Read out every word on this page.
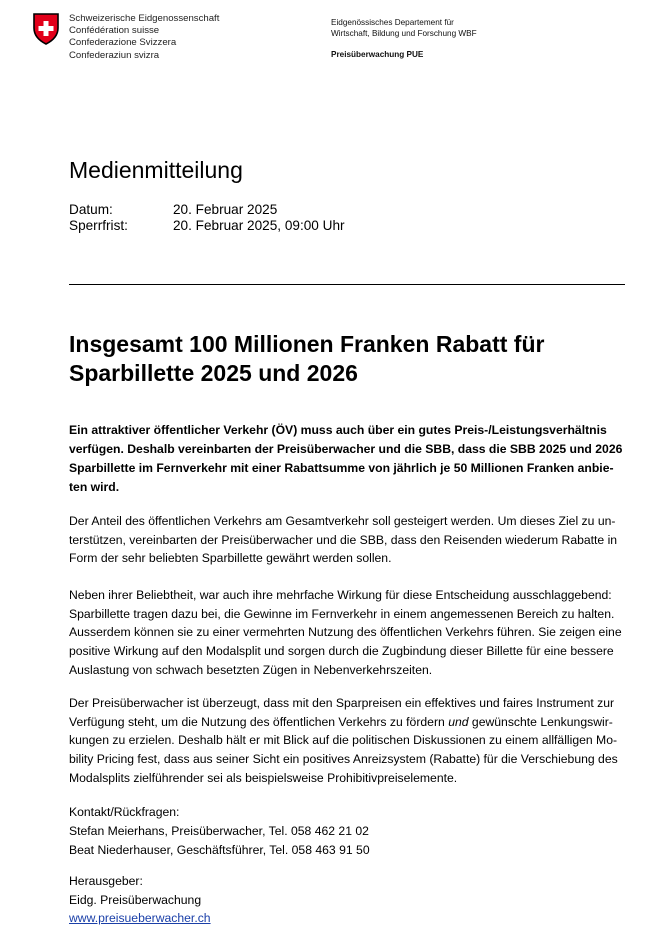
Schweizerische Eidgenossenschaft
Confédération suisse
Confederazione Svizzera
Confederaziun svizra
Eidgenössisches Departement für
Wirtschaft, Bildung und Forschung WBF
Preisüberwachung PUE
Medienmitteilung
Datum:	20. Februar 2025
Sperrfrist:	20. Februar 2025, 09:00 Uhr
Insgesamt 100 Millionen Franken Rabatt für
Sparbillette 2025 und 2026
Ein attraktiver öffentlicher Verkehr (ÖV) muss auch über ein gutes Preis-/Leistungsverhältnis
verfügen. Deshalb vereinbarten der Preisüberwacher und die SBB, dass die SBB 2025 und 2026
Sparbillette im Fernverkehr mit einer Rabattsumme von jährlich je 50 Millionen Franken anbie-
ten wird.
Der Anteil des öffentlichen Verkehrs am Gesamtverkehr soll gesteigert werden. Um dieses Ziel zu un-
terstützen, vereinbarten der Preisüberwacher und die SBB, dass den Reisenden wiederum Rabatte in
Form der sehr beliebten Sparbillette gewährt werden sollen.
Neben ihrer Beliebtheit, war auch ihre mehrfache Wirkung für diese Entscheidung ausschlaggebend:
Sparbillette tragen dazu bei, die Gewinne im Fernverkehr in einem angemessenen Bereich zu halten.
Ausserdem können sie zu einer vermehrten Nutzung des öffentlichen Verkehrs führen. Sie zeigen eine
positive Wirkung auf den Modalsplit und sorgen durch die Zugbindung dieser Billette für eine bessere
Auslastung von schwach besetzten Zügen in Nebenverkehrszeiten.
Der Preisüberwacher ist überzeugt, dass mit den Sparpreisen ein effektives und faires Instrument zur
Verfügung steht, um die Nutzung des öffentlichen Verkehrs zu fördern und gewünschte Lenkungswir-
kungen zu erzielen. Deshalb hält er mit Blick auf die politischen Diskussionen zu einem allfälligen Mo-
bility Pricing fest, dass aus seiner Sicht ein positives Anreizsystem (Rabatte) für die Verschiebung des
Modalsplits zielführender sei als beispielsweise Prohibitivpreiselemente.
Kontakt/Rückfragen:
Stefan Meierhans, Preisüberwacher, Tel. 058 462 21 02
Beat Niederhauser, Geschäftsführer, Tel. 058 463 91 50
Herausgeber:
Eidg. Preisüberwachung
www.preisueberwacher.ch
